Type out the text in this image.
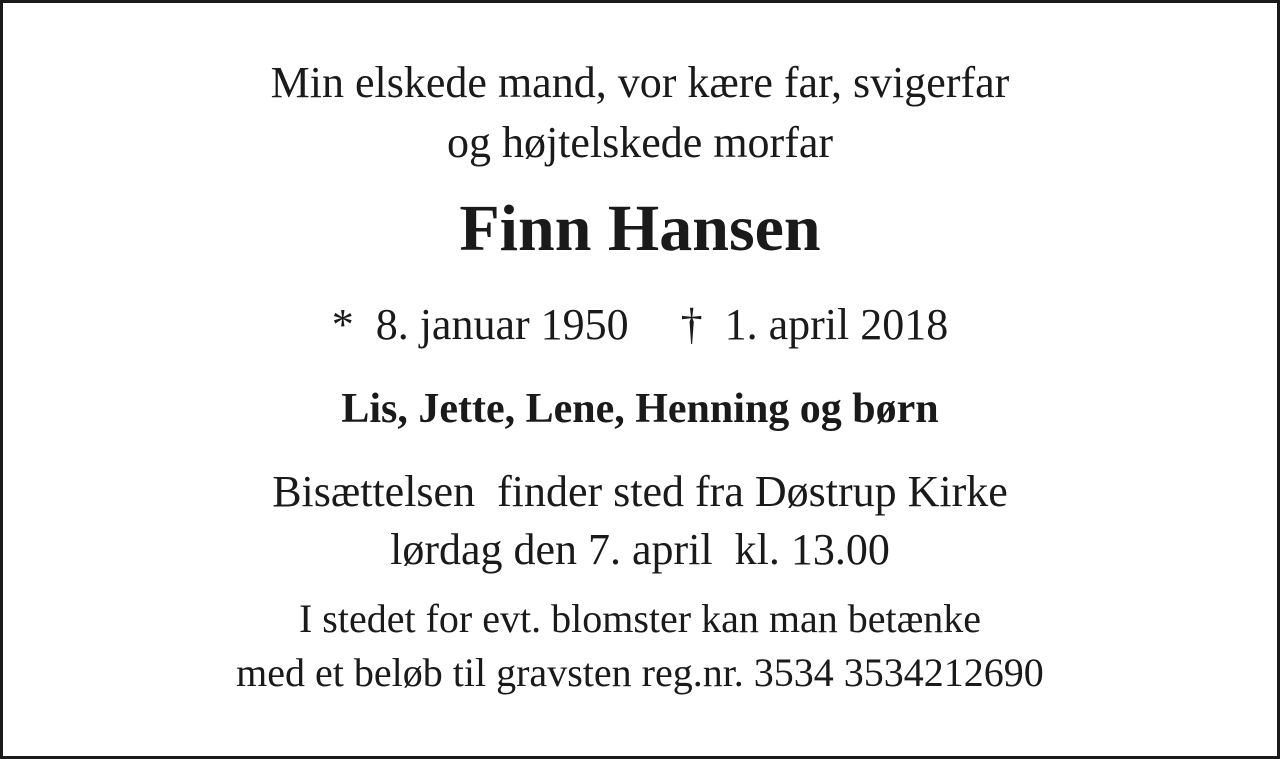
Min elskede mand, vor kære far, svigerfar
og højtelskede morfar
Finn Hansen
* 8. januar 1950 † 1. april 2018
Lis, Jette, Lene, Henning og børn
Bisættelsen  finder sted fra Døstrup Kirke
lørdag den 7. april  kl. 13.00
I stedet for evt. blomster kan man betænke
med et beløb til gravsten reg.nr. 3534 3534212690
